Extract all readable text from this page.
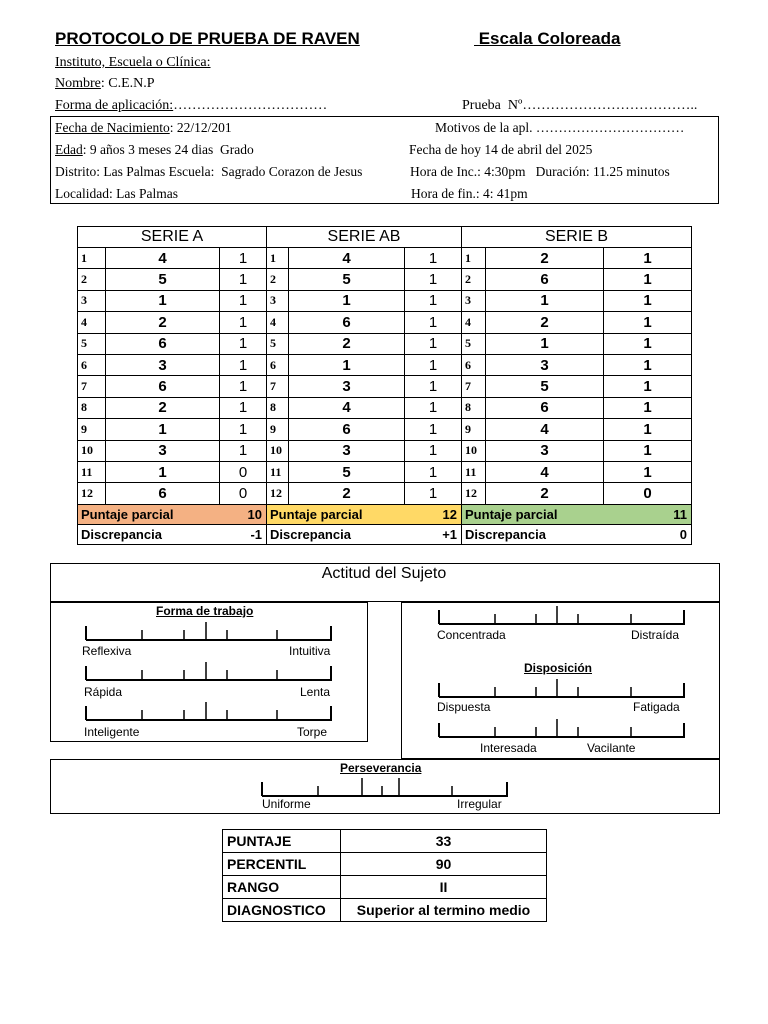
PROTOCOLO DE PRUEBA DE RAVEN	Escala Coloreada
Instituto, Escuela o Clínica:
Nombre: C.E.N.P
Forma de aplicación:……………………………	Prueba  Nº………………………………..
Fecha de Nacimiento: 22/12/201	Motivos de la apl. ……………………………
Edad: 9 años 3 meses 24 dias  Grado	Fecha de hoy 14 de abril del 2025
Distrito: Las Palmas Escuela:  Sagrado Corazon de Jesus	Hora de Inc.: 4:30pm   Duración: 11.25 minutos
Localidad: Las Palmas	Hora de fin.: 4: 41pm
SERIE A			SERIE AB			SERIE B		
1	4	1	1	4	1	1	2	1
2	5	1	2	5	1	2	6	1
3	1	1	3	1	1	3	1	1
4	2	1	4	6	1	4	2	1
5	6	1	5	2	1	5	1	1
6	3	1	6	1	1	6	3	1
7	6	1	7	3	1	7	5	1
8	2	1	8	4	1	8	6	1
9	1	1	9	6	1	9	4	1
10	3	1	10	3	1	10	3	1
11	1	0	11	5	1	11	4	1
12	6	0	12	2	1	12	2	0

Puntaje parcial 10			Puntaje parcial 12			Puntaje parcial 11		

Discrepancia -1			Discrepancia +1			Discrepancia 0		
Actitud del Sujeto
Forma de trabajo
Reflexiva	Intuitiva
Rápida	Lenta
Inteligente	Torpe
Concentrada	Distraída
Disposición
Dispuesta	Fatigada
Interesada	Vacilante
Perseverancia
Uniforme	Irregular
PUNTAJE	33
PERCENTIL	90
RANGO	II
DIAGNOSTICO	Superior al termino medio
